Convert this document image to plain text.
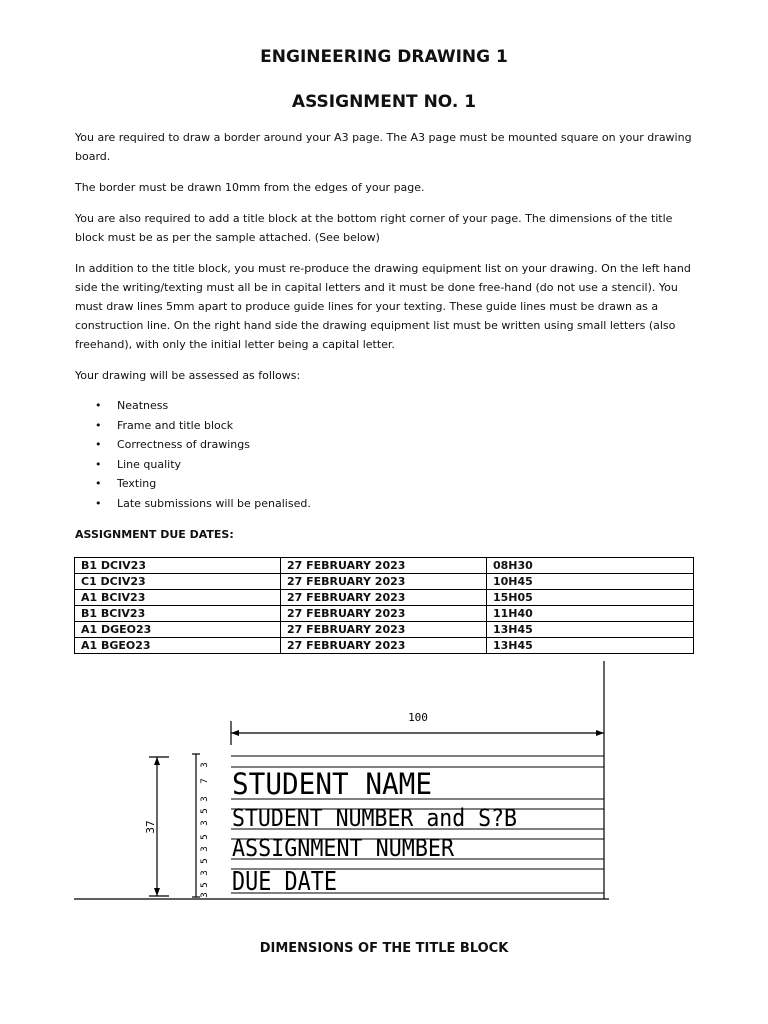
ENGINEERING DRAWING 1
ASSIGNMENT NO. 1

You are required to draw a border around your A3 page. The A3 page must be mounted square on your drawing board.

The border must be drawn 10mm from the edges of your page.

You are also required to add a title block at the bottom right corner of your page. The dimensions of the title block must be as per the sample attached. (See below)

In addition to the title block, you must re-produce the drawing equipment list on your drawing. On the left hand side the writing/texting must all be in capital letters and it must be done free-hand (do not use a stencil). You must draw lines 5mm apart to produce guide lines for your texting. These guide lines must be drawn as a construction line. On the right hand side the drawing equipment list must be written using small letters (also freehand), with only the initial letter being a capital letter.

Your drawing will be assessed as follows:

• Neatness
• Frame and title block
• Correctness of drawings
• Line quality
• Texting
• Late submissions will be penalised.

ASSIGNMENT DUE DATES:

B1 DCIV23	27 FEBRUARY 2023	08H30
C1 DCIV23	27 FEBRUARY 2023	10H45
A1 BCIV23	27 FEBRUARY 2023	15H05
B1 BCIV23	27 FEBRUARY 2023	11H40
A1 DGEO23	27 FEBRUARY 2023	13H45
A1 BGEO23	27 FEBRUARY 2023	13H45
100
37
3
7
3
5
3
5
3
5
3
5
3
STUDENT NAME
STUDENT NUMBER and S?B
ASSIGNMENT NUMBER
DUE DATE

DIMENSIONS OF THE TITLE BLOCK
